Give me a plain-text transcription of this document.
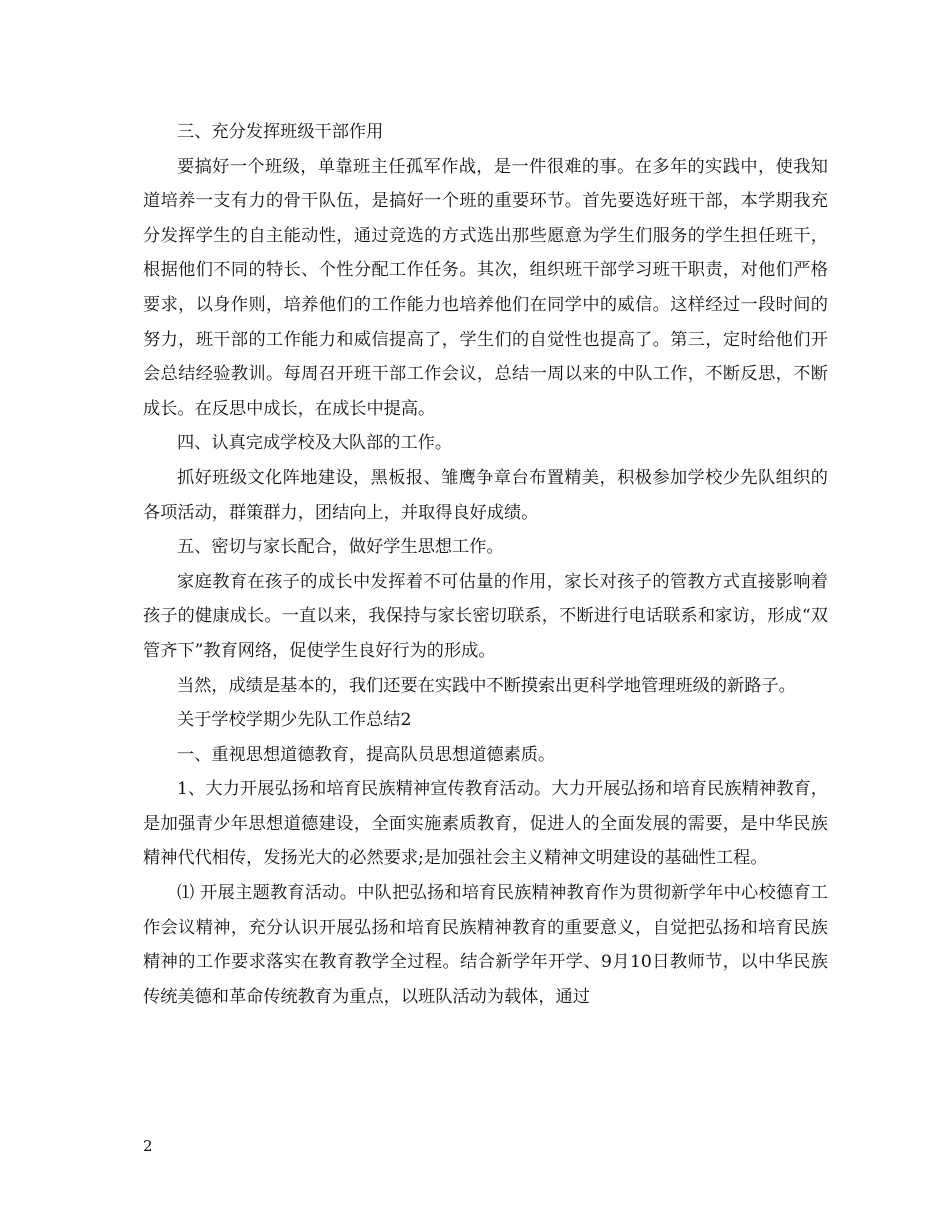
三、充分发挥班级干部作用

要搞好一个班级，单靠班主任孤军作战，是一件很难的事。在多年的实践中，使我知道培养一支有力的骨干队伍，是搞好一个班的重要环节。首先要选好班干部，本学期我充分发挥学生的自主能动性，通过竞选的方式选出那些愿意为学生们服务的学生担任班干，根据他们不同的特长、个性分配工作任务。其次，组织班干部学习班干职责，对他们严格要求，以身作则，培养他们的工作能力也培养他们在同学中的威信。这样经过一段时间的努力，班干部的工作能力和威信提高了，学生们的自觉性也提高了。第三，定时给他们开会总结经验教训。每周召开班干部工作会议，总结一周以来的中队工作，不断反思，不断成长。在反思中成长，在成长中提高。

四、认真完成学校及大队部的工作。

抓好班级文化阵地建设，黑板报、雏鹰争章台布置精美，积极参加学校少先队组织的各项活动，群策群力，团结向上，并取得良好成绩。

五、密切与家长配合，做好学生思想工作。

家庭教育在孩子的成长中发挥着不可估量的作用，家长对孩子的管教方式直接影响着孩子的健康成长。一直以来，我保持与家长密切联系，不断进行电话联系和家访，形成“双管齐下”教育网络，促使学生良好行为的形成。

当然，成绩是基本的，我们还要在实践中不断摸索出更科学地管理班级的新路子。

关于学校学期少先队工作总结2

一、重视思想道德教育，提高队员思想道德素质。

1、大力开展弘扬和培育民族精神宣传教育活动。大力开展弘扬和培育民族精神教育，是加强青少年思想道德建设，全面实施素质教育，促进人的全面发展的需要，是中华民族精神代代相传，发扬光大的必然要求;是加强社会主义精神文明建设的基础性工程。

⑴ 开展主题教育活动。中队把弘扬和培育民族精神教育作为贯彻新学年中心校德育工作会议精神，充分认识开展弘扬和培育民族精神教育的重要意义，自觉把弘扬和培育民族精神的工作要求落实在教育教学全过程。结合新学年开学、9月10日教师节，以中华民族传统美德和革命传统教育为重点，以班队活动为载体，通过

2
